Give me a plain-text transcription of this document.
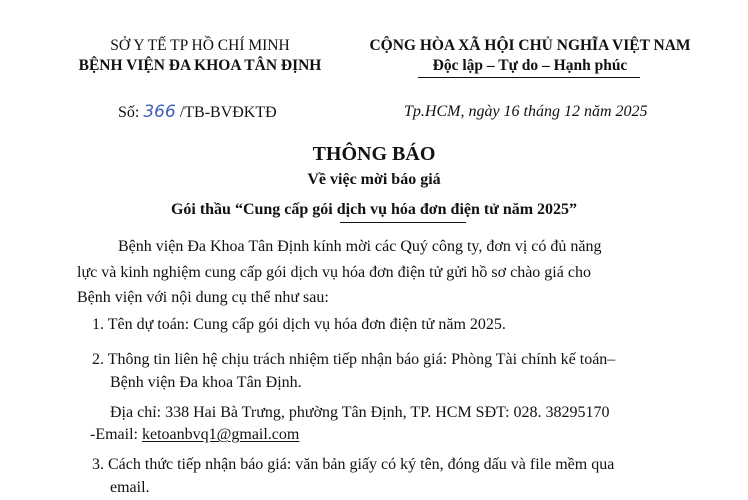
SỞ Y TẾ TP HỒ CHÍ MINH
BỆNH VIỆN ĐA KHOA TÂN ĐỊNH
CỘNG HÒA XÃ HỘI CHỦ NGHĨA VIỆT NAM
Độc lập – Tự do – Hạnh phúc
Số: 366 /TB-BVĐKTĐ	Tp.HCM, ngày 16 tháng 12 năm 2025
THÔNG BÁO
Về việc mời báo giá
Gói thầu “Cung cấp gói dịch vụ hóa đơn điện tử năm 2025”
Bệnh viện Đa Khoa Tân Định kính mời các Quý công ty, đơn vị có đủ năng
lực và kinh nghiệm cung cấp gói dịch vụ hóa đơn điện tử gửi hồ sơ chào giá cho
Bệnh viện với nội dung cụ thể như sau:
1. Tên dự toán: Cung cấp gói dịch vụ hóa đơn điện tử năm 2025.
2. Thông tin liên hệ chịu trách nhiệm tiếp nhận báo giá: Phòng Tài chính kế toán–
Bệnh viện Đa khoa Tân Định.
Địa chỉ: 338 Hai Bà Trưng, phường Tân Định, TP. HCM SĐT: 028. 38295170
-Email: ketoanbvq1@gmail.com
3. Cách thức tiếp nhận báo giá: văn bản giấy có ký tên, đóng dấu và file mềm qua
email.
